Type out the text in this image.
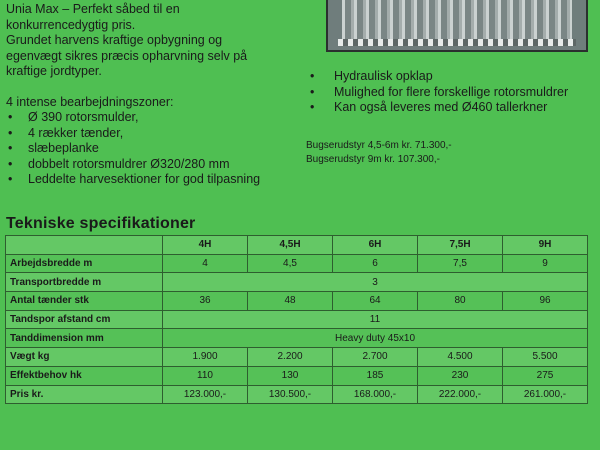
Unia Max – Perfekt såbed til en

konkurrencedygtig pris.

Grundet harvens kraftige opbygning og

egenvægt sikres præcis opharvning selv på

kraftige jordtyper.

4 intense bearbejdningszoner:

• Ø 390 rotorsmulder,
• 4 rækker tænder,
• slæbeplanke
• dobbelt rotorsmuldrer Ø320/280 mm
• Leddelte harvesektioner for god tilpasning
• Hydraulisk opklap
• Mulighed for flere forskellige rotorsmuldrer
• Kan også leveres med Ø460 tallerkner
Bugserudstyr 4,5-6m kr. 71.300,-
Bugserudstyr 9m kr. 107.300,-
Tekniske specifikationer
	4H	4,5H	6H	7,5H	9H
Arbejdsbredde m	4	4,5	6	7,5	9
Transportbredde m	3				
Antal tænder stk	36	48	64	80	96
Tandspor afstand cm	11				
Tanddimension mm	Heavy duty 45x10				
Vægt kg	1.900	2.200	2.700	4.500	5.500
Effektbehov hk	110	130	185	230	275
Pris kr.	123.000,-	130.500,-	168.000,-	222.000,-	261.000,-
